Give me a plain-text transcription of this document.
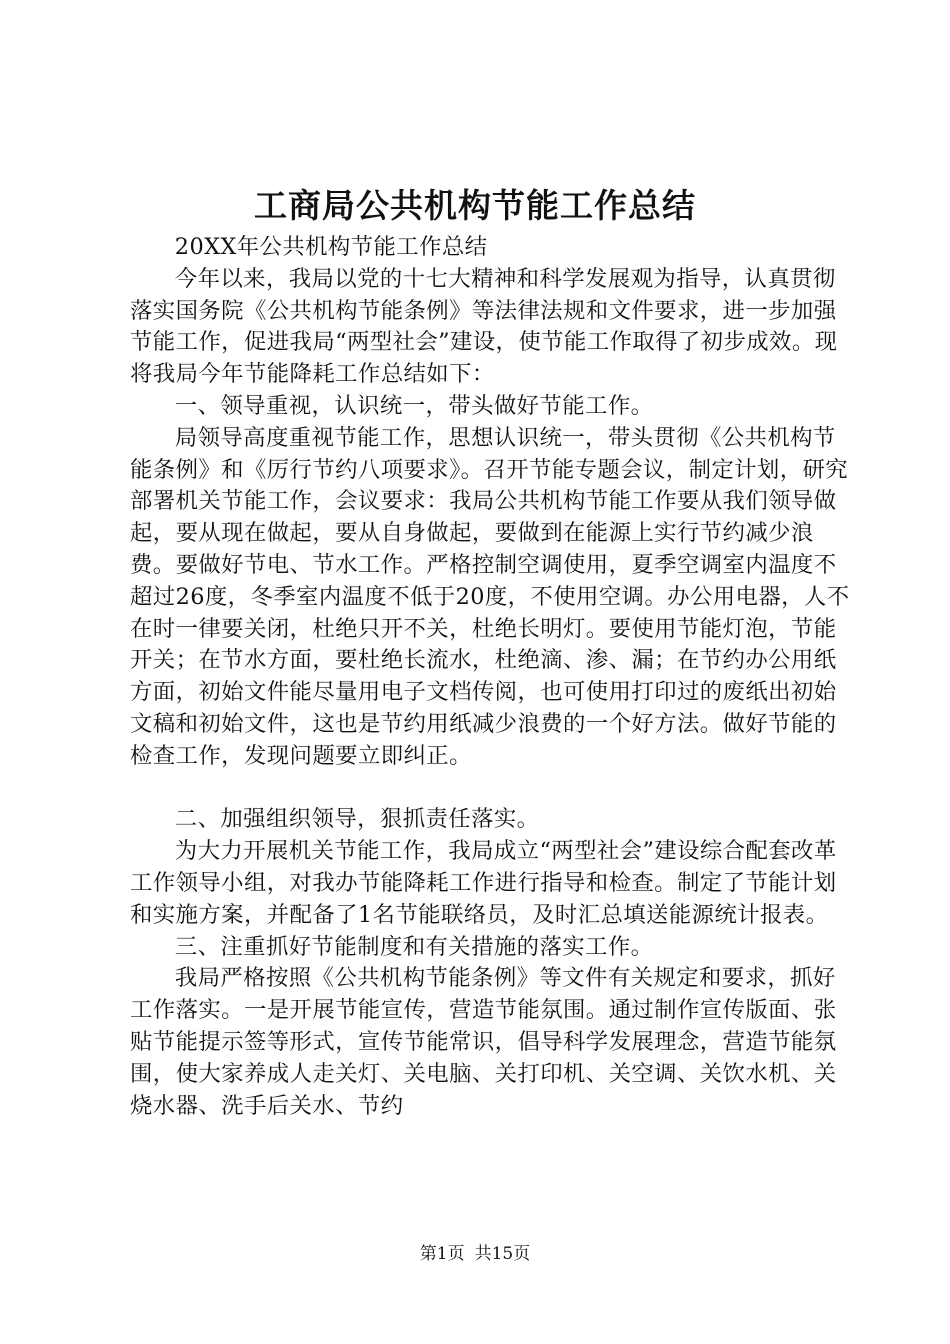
工商局公共机构节能工作总结

20XX年公共机构节能工作总结

今年以来，我局以党的十七大精神和科学发展观为指导，认真贯彻落实国务院《公共机构节能条例》等法律法规和文件要求，进一步加强节能工作，促进我局“两型社会”建设，使节能工作取得了初步成效。现将我局今年节能降耗工作总结如下：

一、领导重视，认识统一，带头做好节能工作。

局领导高度重视节能工作，思想认识统一，带头贯彻《公共机构节能条例》和《厉行节约八项要求》。召开节能专题会议，制定计划，研究部署机关节能工作，会议要求：我局公共机构节能工作要从我们领导做起，要从现在做起，要从自身做起，要做到在能源上实行节约减少浪费。要做好节电、节水工作。严格控制空调使用，夏季空调室内温度不超过26度，冬季室内温度不低于20度，不使用空调。办公用电器，人不在时一律要关闭，杜绝只开不关，杜绝长明灯。要使用节能灯泡，节能开关；在节水方面，要杜绝长流水，杜绝滴、渗、漏；在节约办公用纸方面，初始文件能尽量用电子文档传阅，也可使用打印过的废纸出初始文稿和初始文件，这也是节约用纸减少浪费的一个好方法。做好节能的检查工作，发现问题要立即纠正。

二、加强组织领导，狠抓责任落实。

为大力开展机关节能工作，我局成立“两型社会”建设综合配套改革工作领导小组，对我办节能降耗工作进行指导和检查。制定了节能计划和实施方案，并配备了1名节能联络员，及时汇总填送能源统计报表。

三、注重抓好节能制度和有关措施的落实工作。

我局严格按照《公共机构节能条例》等文件有关规定和要求，抓好工作落实。一是开展节能宣传，营造节能氛围。通过制作宣传版面、张贴节能提示签等形式，宣传节能常识，倡导科学发展理念，营造节能氛围，使大家养成人走关灯、关电脑、关打印机、关空调、关饮水机、关烧水器、洗手后关水、节约

第1页 共15页
